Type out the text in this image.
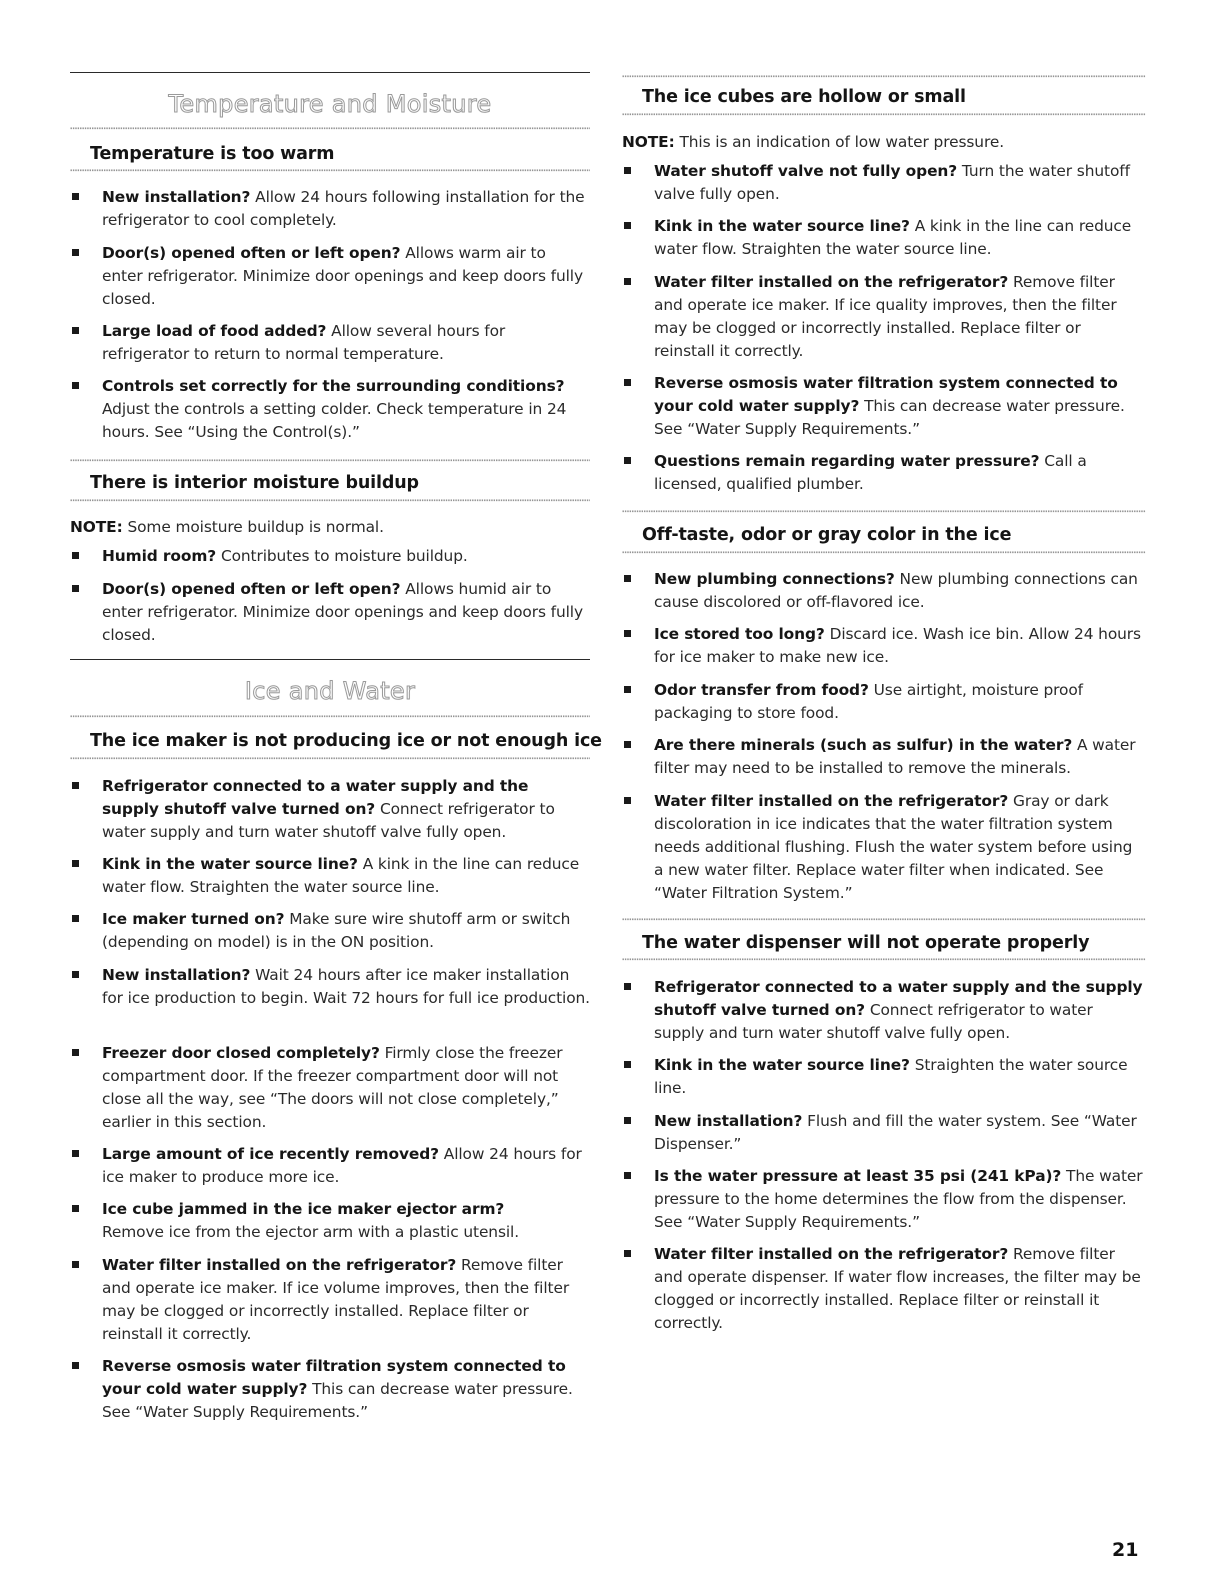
Temperature and Moisture
Temperature is too warm
New installation? Allow 24 hours following installation for the refrigerator to cool completely.
Door(s) opened often or left open? Allows warm air to enter refrigerator. Minimize door openings and keep doors fully closed.
Large load of food added? Allow several hours for refrigerator to return to normal temperature.
Controls set correctly for the surrounding conditions? Adjust the controls a setting colder. Check temperature in 24 hours. See “Using the Control(s).”
There is interior moisture buildup
NOTE: Some moisture buildup is normal.
Humid room? Contributes to moisture buildup.
Door(s) opened often or left open? Allows humid air to enter refrigerator. Minimize door openings and keep doors fully closed.
Ice and Water
The ice maker is not producing ice or not enough ice
Refrigerator connected to a water supply and the supply shutoff valve turned on? Connect refrigerator to water supply and turn water shutoff valve fully open.
Kink in the water source line? A kink in the line can reduce water flow. Straighten the water source line.
Ice maker turned on? Make sure wire shutoff arm or switch (depending on model) is in the ON position.
New installation? Wait 24 hours after ice maker installation for ice production to begin. Wait 72 hours for full ice production.
Freezer door closed completely? Firmly close the freezer compartment door. If the freezer compartment door will not close all the way, see “The doors will not close completely,” earlier in this section.
Large amount of ice recently removed? Allow 24 hours for ice maker to produce more ice.
Ice cube jammed in the ice maker ejector arm?
Remove ice from the ejector arm with a plastic utensil.
Water filter installed on the refrigerator? Remove filter and operate ice maker. If ice volume improves, then the filter may be clogged or incorrectly installed. Replace filter or reinstall it correctly.
Reverse osmosis water filtration system connected to your cold water supply? This can decrease water pressure. See “Water Supply Requirements.”
The ice cubes are hollow or small
NOTE: This is an indication of low water pressure.
Water shutoff valve not fully open? Turn the water shutoff valve fully open.
Kink in the water source line? A kink in the line can reduce water flow. Straighten the water source line.
Water filter installed on the refrigerator? Remove filter and operate ice maker. If ice quality improves, then the filter may be clogged or incorrectly installed. Replace filter or reinstall it correctly.
Reverse osmosis water filtration system connected to your cold water supply? This can decrease water pressure. See “Water Supply Requirements.”
Questions remain regarding water pressure? Call a licensed, qualified plumber.
Off-taste, odor or gray color in the ice
New plumbing connections? New plumbing connections can cause discolored or off-flavored ice.
Ice stored too long? Discard ice. Wash ice bin. Allow 24 hours for ice maker to make new ice.
Odor transfer from food? Use airtight, moisture proof packaging to store food.
Are there minerals (such as sulfur) in the water? A water filter may need to be installed to remove the minerals.
Water filter installed on the refrigerator? Gray or dark discoloration in ice indicates that the water filtration system needs additional flushing. Flush the water system before using a new water filter. Replace water filter when indicated. See “Water Filtration System.”
The water dispenser will not operate properly
Refrigerator connected to a water supply and the supply shutoff valve turned on? Connect refrigerator to water supply and turn water shutoff valve fully open.
Kink in the water source line? Straighten the water source line.
New installation? Flush and fill the water system. See “Water Dispenser.”
Is the water pressure at least 35 psi (241 kPa)? The water pressure to the home determines the flow from the dispenser. See “Water Supply Requirements.”
Water filter installed on the refrigerator? Remove filter and operate dispenser. If water flow increases, the filter may be clogged or incorrectly installed. Replace filter or reinstall it correctly.
21
